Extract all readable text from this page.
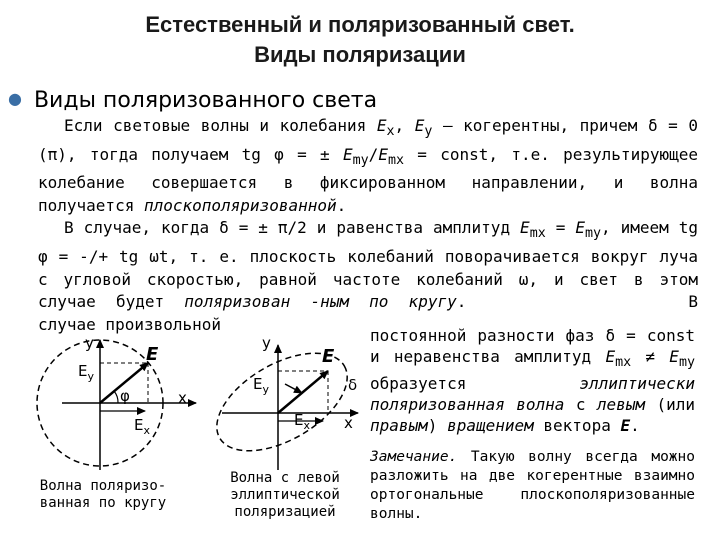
Естественный и поляризованный свет.
Виды поляризации
● Виды поляризованного света

Если световые волны и колебания $E_x$, $E_y$ – когерентны, причем δ = 0 (π), тогда получаем tg φ = ± $E_{my}/E_{mx}$ = const, т.е. результирующее колебание совершается в фиксированном направлении, и волна получается плоскополяризованной.

В случае, когда δ = ± π/2 и равенства амплитуд $E_{mx} = E_{my}$, имеем tg φ = -/+ tg ωt, т. е. плоскость колебаний поворачивается вокруг луча с угловой скоростью, равной частоте колебаний ω, и свет в этом случае будет поляризован -ным по кругу.	В случае произвольной

постоянной разности фаз δ = const и неравенства амплитуд $E_{mx} \ne E_{my}$ образуется эллиптически поляризованная волна с левым (или правым) вращением вектора E.

Замечание. Такую волну всегда можно разложить на две когерентные взаимно ортогональные плоскополяризованные волны.

y
x
E
$E_y$
$E_x$
φ
y
x
E
$E_y$
$E_x$
δ
Волна поляризо-
ванная по кругу
Волна с левой
эллиптической
поляризацией
